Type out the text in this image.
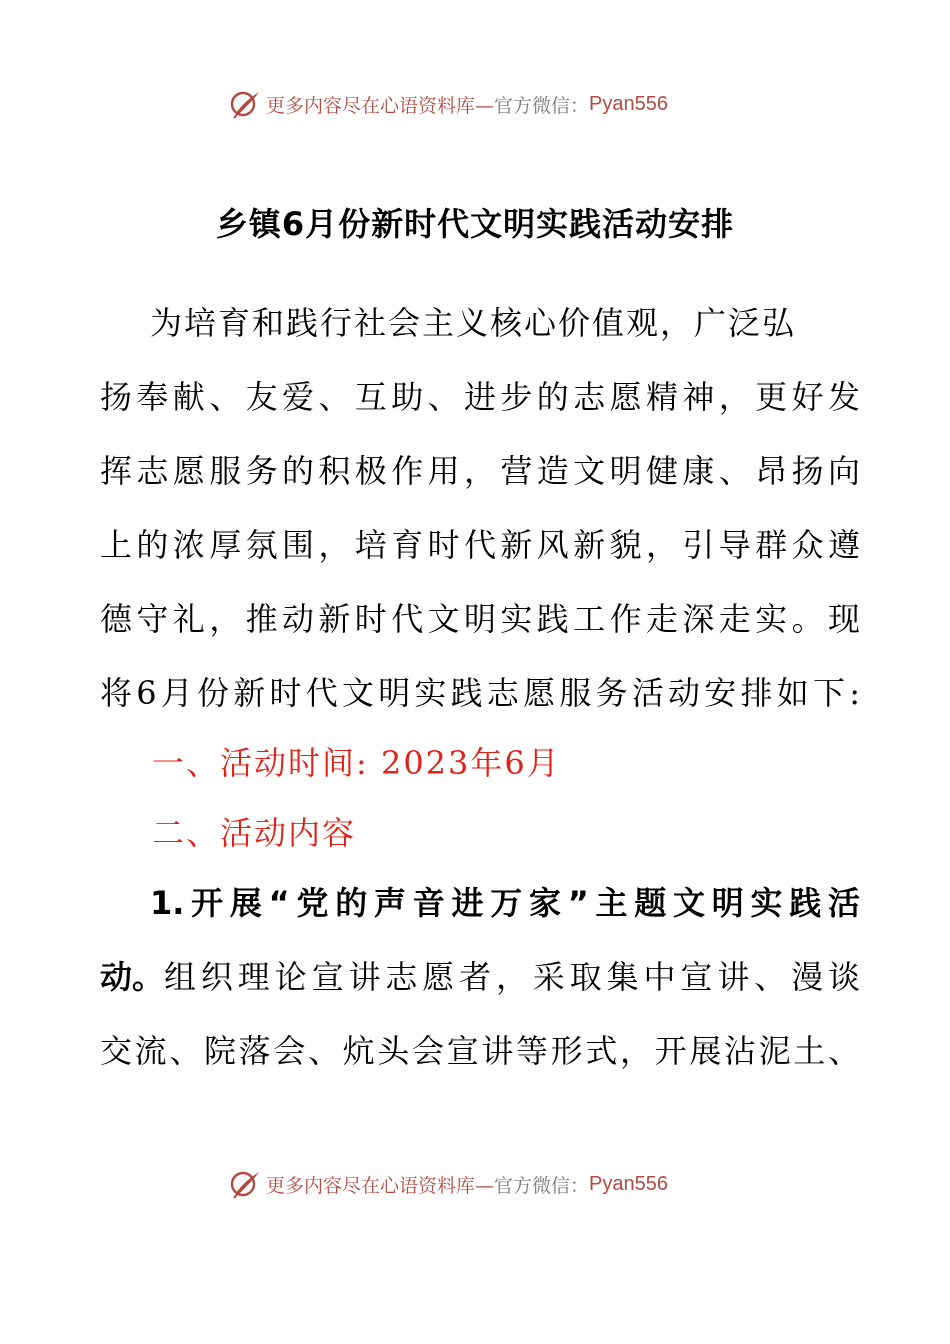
更多内容尽在心语资料库— 官方微信： Pyan556
乡镇6月份新时代文明实践活动安排
为培育和践行社会主义核心价值观，广泛弘
扬奉献、友爱、互助、进步的志愿精神，更好发
挥志愿服务的积极作用，营造文明健康、昂扬向
上的浓厚氛围，培育时代新风新貌，引导群众遵
德守礼，推动新时代文明实践工作走深走实。现
将6月份新时代文明实践志愿服务活动安排如下:
一、活动时间: 2023年6月
二、活动内容
1.开展“党的声音进万家”主题文明实践活
动。 组织理论宣讲志愿者，采取集中宣讲、漫谈
交流、院落会、炕头会宣讲等形式，开展沾泥土、
更多内容尽在心语资料库— 官方微信： Pyan556
